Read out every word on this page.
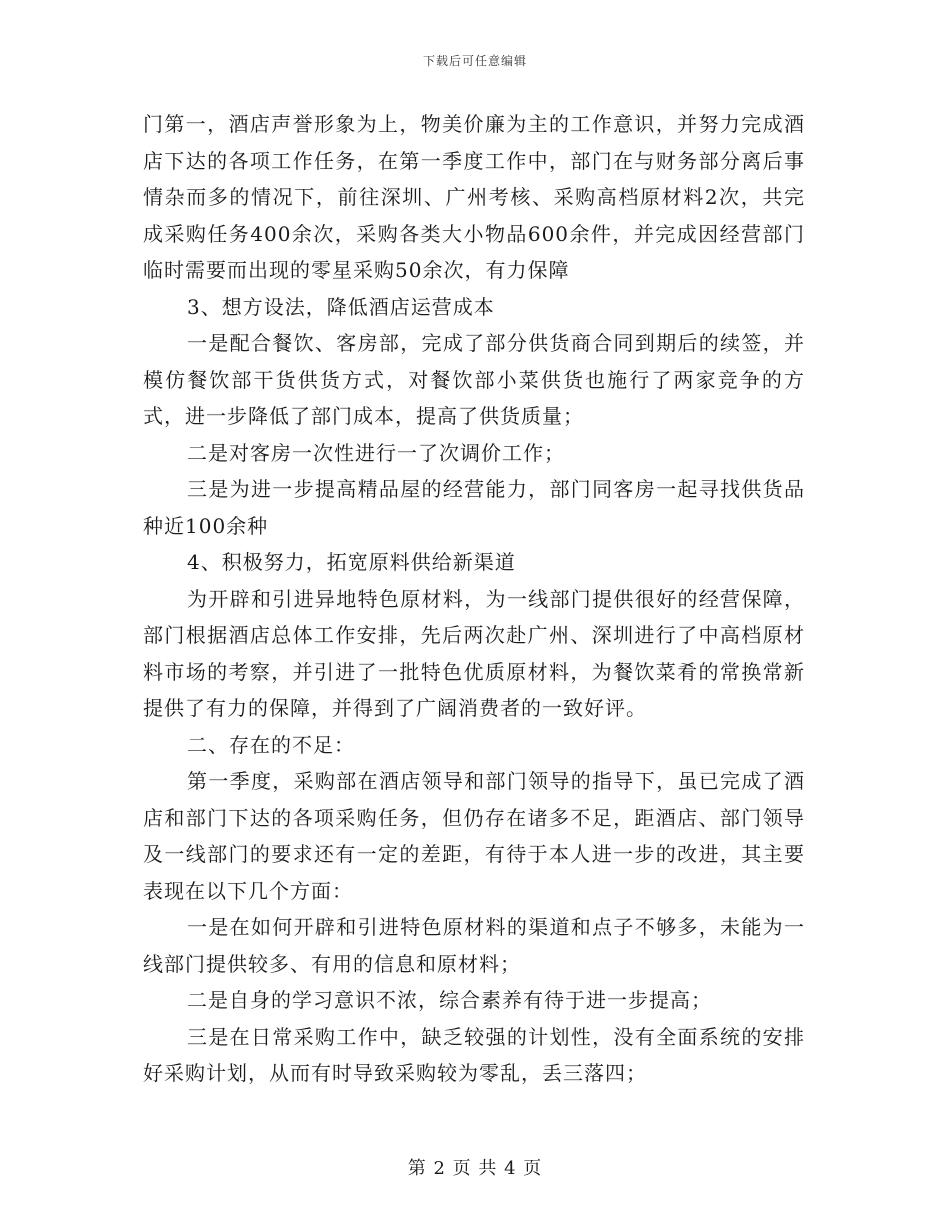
下载后可任意编辑

门第一，酒店声誉形象为上，物美价廉为主的工作意识，并努力完成酒店下达的各项工作任务，在第一季度工作中，部门在与财务部分离后事情杂而多的情况下，前往深圳、广州考核、采购高档原材料2次，共完成采购任务400余次，采购各类大小物品600余件，并完成因经营部门临时需要而出现的零星采购50余次，有力保障

3、想方设法，降低酒店运营成本

一是配合餐饮、客房部，完成了部分供货商合同到期后的续签，并模仿餐饮部干货供货方式，对餐饮部小菜供货也施行了两家竞争的方式，进一步降低了部门成本，提高了供货质量；

二是对客房一次性进行一了次调价工作；

三是为进一步提高精品屋的经营能力，部门同客房一起寻找供货品种近100余种

4、积极努力，拓宽原料供给新渠道

为开辟和引进异地特色原材料，为一线部门提供很好的经营保障，部门根据酒店总体工作安排，先后两次赴广州、深圳进行了中高档原材料市场的考察，并引进了一批特色优质原材料，为餐饮菜肴的常换常新提供了有力的保障，并得到了广阔消费者的一致好评。

二、存在的不足：

第一季度，采购部在酒店领导和部门领导的指导下，虽已完成了酒店和部门下达的各项采购任务，但仍存在诸多不足，距酒店、部门领导及一线部门的要求还有一定的差距，有待于本人进一步的改进，其主要表现在以下几个方面：

一是在如何开辟和引进特色原材料的渠道和点子不够多，未能为一线部门提供较多、有用的信息和原材料；

二是自身的学习意识不浓，综合素养有待于进一步提高；

三是在日常采购工作中，缺乏较强的计划性，没有全面系统的安排好采购计划，从而有时导致采购较为零乱，丢三落四；

第 2 页 共 4 页
